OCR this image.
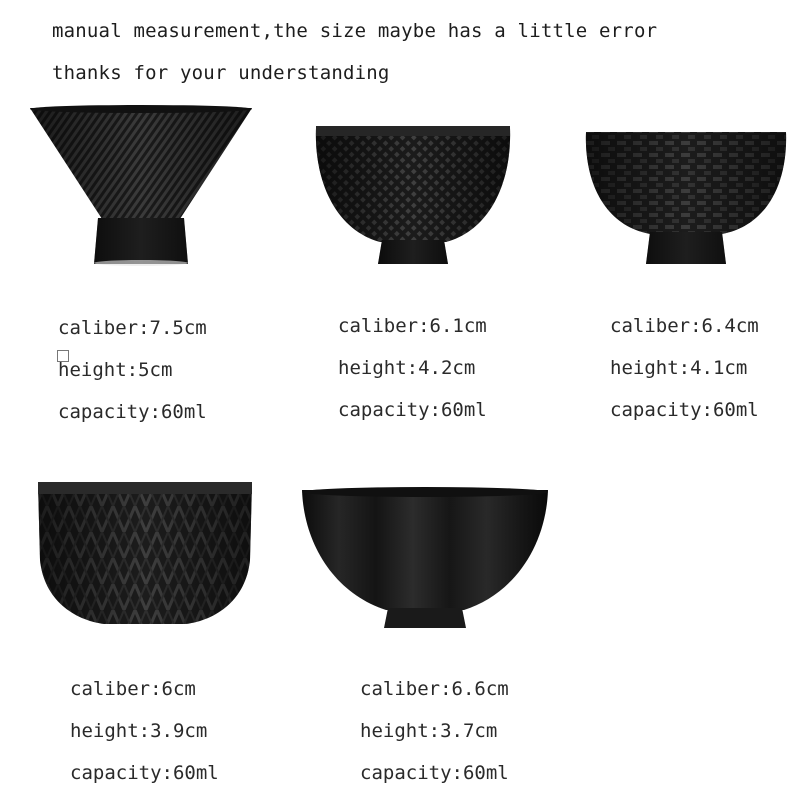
manual measurement,the size maybe has a little error
thanks for your understanding
caliber:7.5cm
height:5cm
capacity:60ml
caliber:6.1cm
height:4.2cm
capacity:60ml
caliber:6.4cm
height:4.1cm
capacity:60ml
caliber:6cm
height:3.9cm
capacity:60ml
caliber:6.6cm
height:3.7cm
capacity:60ml
